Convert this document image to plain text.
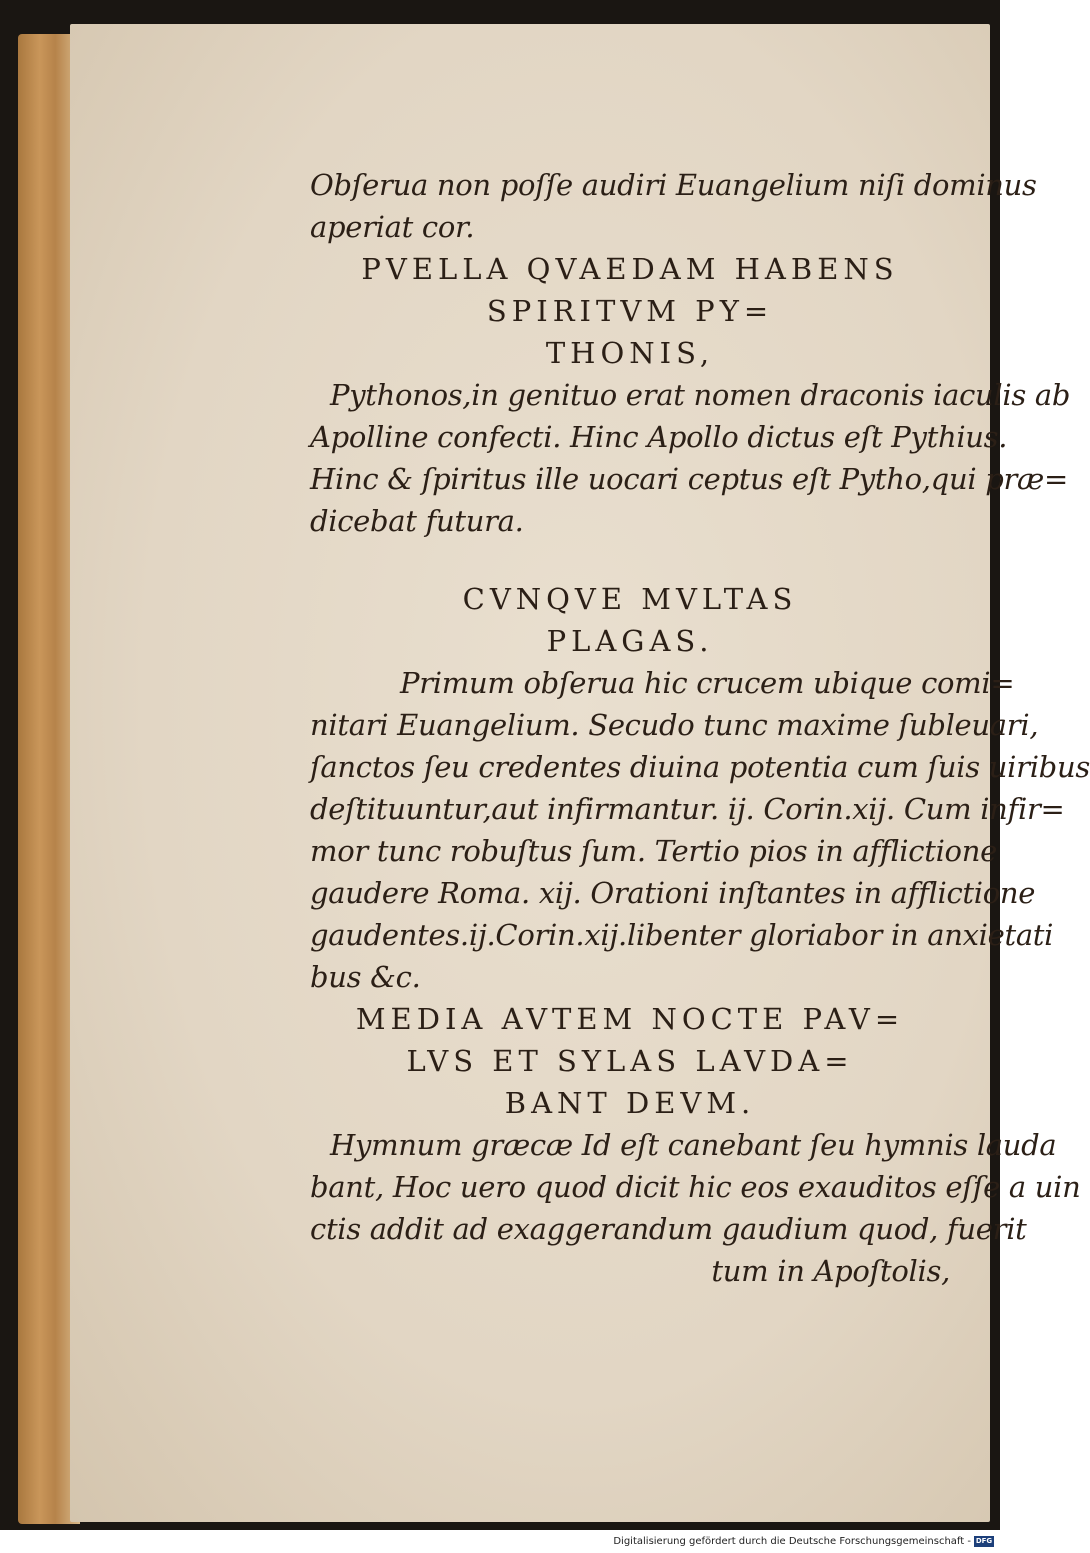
Obſerua non poſſe audiri Euangelium niſi dominus
aperiat cor.
PVELLA QVAEDAM HABENS
SPIRITVM PY=
THONIS,
Pythonos,in genituo erat nomen draconis iaculis ab
Apolline confecti. Hinc Apollo dictus eſt Pythius.
Hinc & ſpiritus ille uocari ceptus eſt Pytho,qui præ=
dicebat futura.
CVNQVE MVLTAS
PLAGAS.
Primum obſerua hic crucem ubique comi=
nitari Euangelium. Secudo tunc maxime ſubleuari,
ſanctos ſeu credentes diuina potentia cum ſuis uiribus
deſtituuntur,aut infirmantur. ij. Corin.xij. Cum infir=
mor tunc robuſtus ſum. Tertio pios in afflictione
gaudere Roma. xij. Orationi inſtantes in afflictione
gaudentes.ij.Corin.xij.libenter gloriabor in anxietati
bus &c.
MEDIA AVTEM NOCTE PAV=
LVS ET SYLAS LAVDA=
BANT DEVM.
Hymnum græcæ Id eſt canebant ſeu hymnis lauda
bant, Hoc uero quod dicit hic eos exauditos eſſe a uin
ctis addit ad exaggerandum gaudium quod, fuerit
tum in Apoſtolis,
Digitalisierung gefördert durch die Deutsche Forschungsgemeinschaft - DFG
